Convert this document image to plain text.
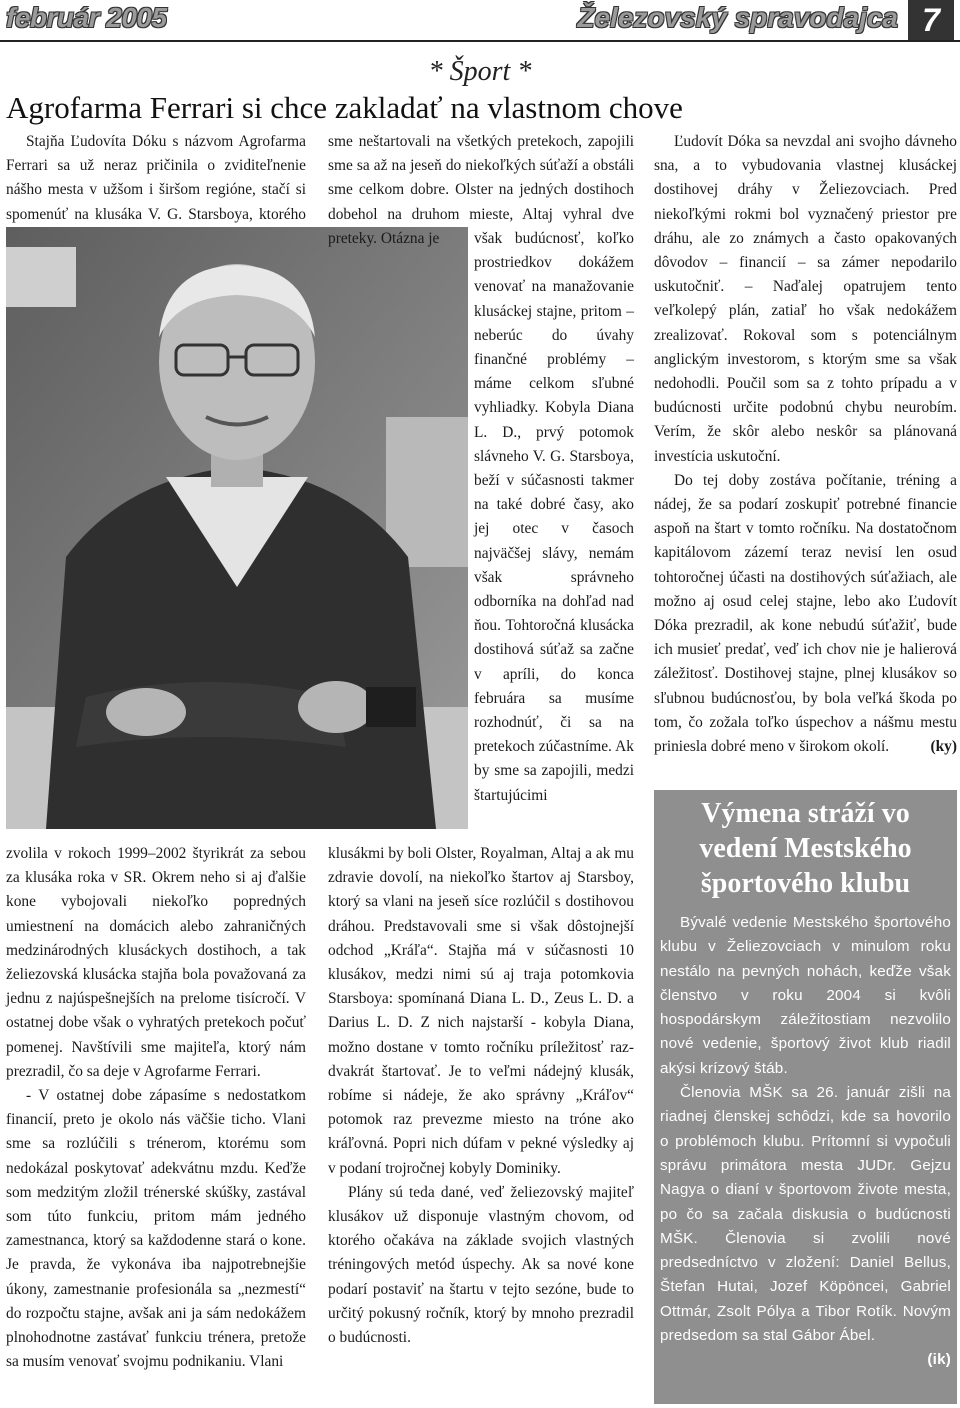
február 2005	Železovský spravodajca 7
* Šport *
Agrofarma Ferrari si chce zakladať na vlastnom chove

Stajňa Ľudovíta Dóku s názvom Agrofarma Ferrari sa už neraz pričinila o zviditeľnenie nášho mesta v užšom i širšom regióne, stačí si spomenúť na klusáka V. G. Starsboya, ktorého

zvolila v rokoch 1999–2002 štyrikrát za sebou za klusáka roka v SR. Okrem neho si aj ďalšie kone vybojovali niekoľko popredných umiestnení na domácich alebo zahraničných medzinárodných klusáckych dostihoch, a tak želiezovská klusácka stajňa bola považovaná za jednu z najúspešnejších na prelome tisícročí. V ostatnej dobe však o vyhratých pretekoch počuť pomenej. Navštívili sme majiteľa, ktorý nám prezradil, čo sa deje v Agrofarme Ferrari.

- V ostatnej dobe zápasíme s nedostatkom financií, preto je okolo nás väčšie ticho. Vlani sme sa rozlúčili s trénerom, ktorému som nedokázal poskytovať adekvátnu mzdu. Keďže som medzitým zložil trénerské skúšky, zastával som túto funkciu, pritom mám jedného zamestnanca, ktorý sa každodenne stará o kone. Je pravda, že vykonáva iba najpotrebnejšie úkony, zamestnanie profesionála sa „nezmestí“ do rozpočtu stajne, avšak ani ja sám nedokážem plnohodnotne zastávať funkciu trénera, pretože sa musím venovať svojmu podnikaniu. Vlani

sme neštartovali na všetkých pretekoch, zapojili sme sa až na jeseň do niekoľkých súťaží a obstáli sme celkom dobre. Olster na jedných dostihoch dobehol na druhom mieste, Altaj vyhral dve preteky. Otázna je	však budúcnosť, koľko prostriedkov dokážem venovať na manažovanie klusáckej stajne, pritom – neberúc do úvahy finančné problémy – máme celkom sľubné vyhliadky. Kobyla Diana L. D., prvý potomok slávneho V. G. Starsboya, beží v súčasnosti takmer na také dobré časy, ako jej otec v časoch najväčšej slávy, nemám však správneho odborníka na dohľad nad ňou. Tohtoročná klusácka dostihová súťaž sa začne v apríli, do konca februára sa musíme rozhodnúť, či sa na pretekoch zúčastníme. Ak by sme sa zapojili, medzi štartujúcimi

klusákmi by boli Olster, Royalman, Altaj a ak mu zdravie dovolí, na niekoľko štartov aj Starsboy, ktorý sa vlani na jeseň síce rozlúčil s dostihovou dráhou. Predstavovali sme si však dôstojnejší odchod „Kráľa“. Stajňa má v súčasnosti 10 klusákov, medzi nimi sú aj traja potomkovia Starsboya: spomínaná Diana L. D., Zeus L. D. a Darius L. D. Z nich najstarší - kobyla Diana, možno dostane v tomto ročníku príležitosť raz-dvakrát štartovať. Je to veľmi nádejný klusák, robíme si nádeje, že ako správny „Kráľov“ potomok raz prevezme miesto na tróne ako kráľovná. Popri nich dúfam v pekné výsledky aj v podaní trojročnej kobyly Dominiky.

Plány sú teda dané, veď želiezovský majiteľ klusákov už disponuje vlastným chovom, od ktorého očakáva na základe svojich vlastných tréningových metód úspechy. Ak sa nové kone podarí postaviť na štartu v tejto sezóne, bude to určitý pokusný ročník, ktorý by mnoho prezradil o budúcnosti.

Ľudovít Dóka sa nevzdal ani svojho dávneho sna, a to vybudovania vlastnej klusáckej dostihovej dráhy v Želiezovciach. Pred niekoľkými rokmi bol vyznačený priestor pre dráhu, ale zo známych a často opakovaných dôvodov – financií – sa zámer nepodarilo uskutočniť. – Naďalej opatrujem tento veľkolepý plán, zatiaľ ho však nedokážem zrealizovať. Rokoval som s potenciálnym anglickým investorom, s ktorým sme sa však nedohodli. Poučil som sa z tohto prípadu a v budúcnosti určite podobnú chybu neurobím. Verím, že skôr alebo neskôr sa plánovaná investícia uskutoční.

Do tej doby zostáva počítanie, tréning a nádej, že sa podarí zoskupiť potrebné financie aspoň na štart v tomto ročníku. Na dostatočnom kapitálovom zázemí teraz nevisí len osud tohtoročnej účasti na dostihových súťažiach, ale možno aj osud celej stajne, lebo ako Ľudovít Dóka prezradil, ak kone nebudú súťažiť, bude ich musieť predať, veď ich chov nie je halierová záležitosť. Dostihovej stajne, plnej klusákov so sľubnou budúcnosťou, by bola veľká škoda po tom, čo zožala toľko úspechov a nášmu mestu priniesla dobré meno v širokom okolí.	(ky)

Výmena stráží vo vedení Mestského športového klubu

Bývalé vedenie Mestského športového klubu v Želiezovciach v minulom roku nestálo na pevných nohách, keďže však členstvo v roku 2004 si kvôli hospodárskym záležitostiam nezvolilo nové vedenie, športový život klub riadil akýsi krízový štáb.

Členovia MŠK sa 26. január zišli na riadnej členskej schôdzi, kde sa hovorilo o problémoch klubu. Prítomní si vypočuli správu primátora mesta JUDr. Gejzu Nagya o dianí v športovom živote mesta, po čo sa začala diskusia o budúcnosti MŠK. Členovia si zvolili nové predsedníctvo v zložení: Daniel Bellus, Štefan Hutai, Jozef Köpöncei, Gabriel Ottmár, Zsolt Pólya a Tibor Rotík. Novým predsedom sa stal Gábor Ábel.

(ik)
